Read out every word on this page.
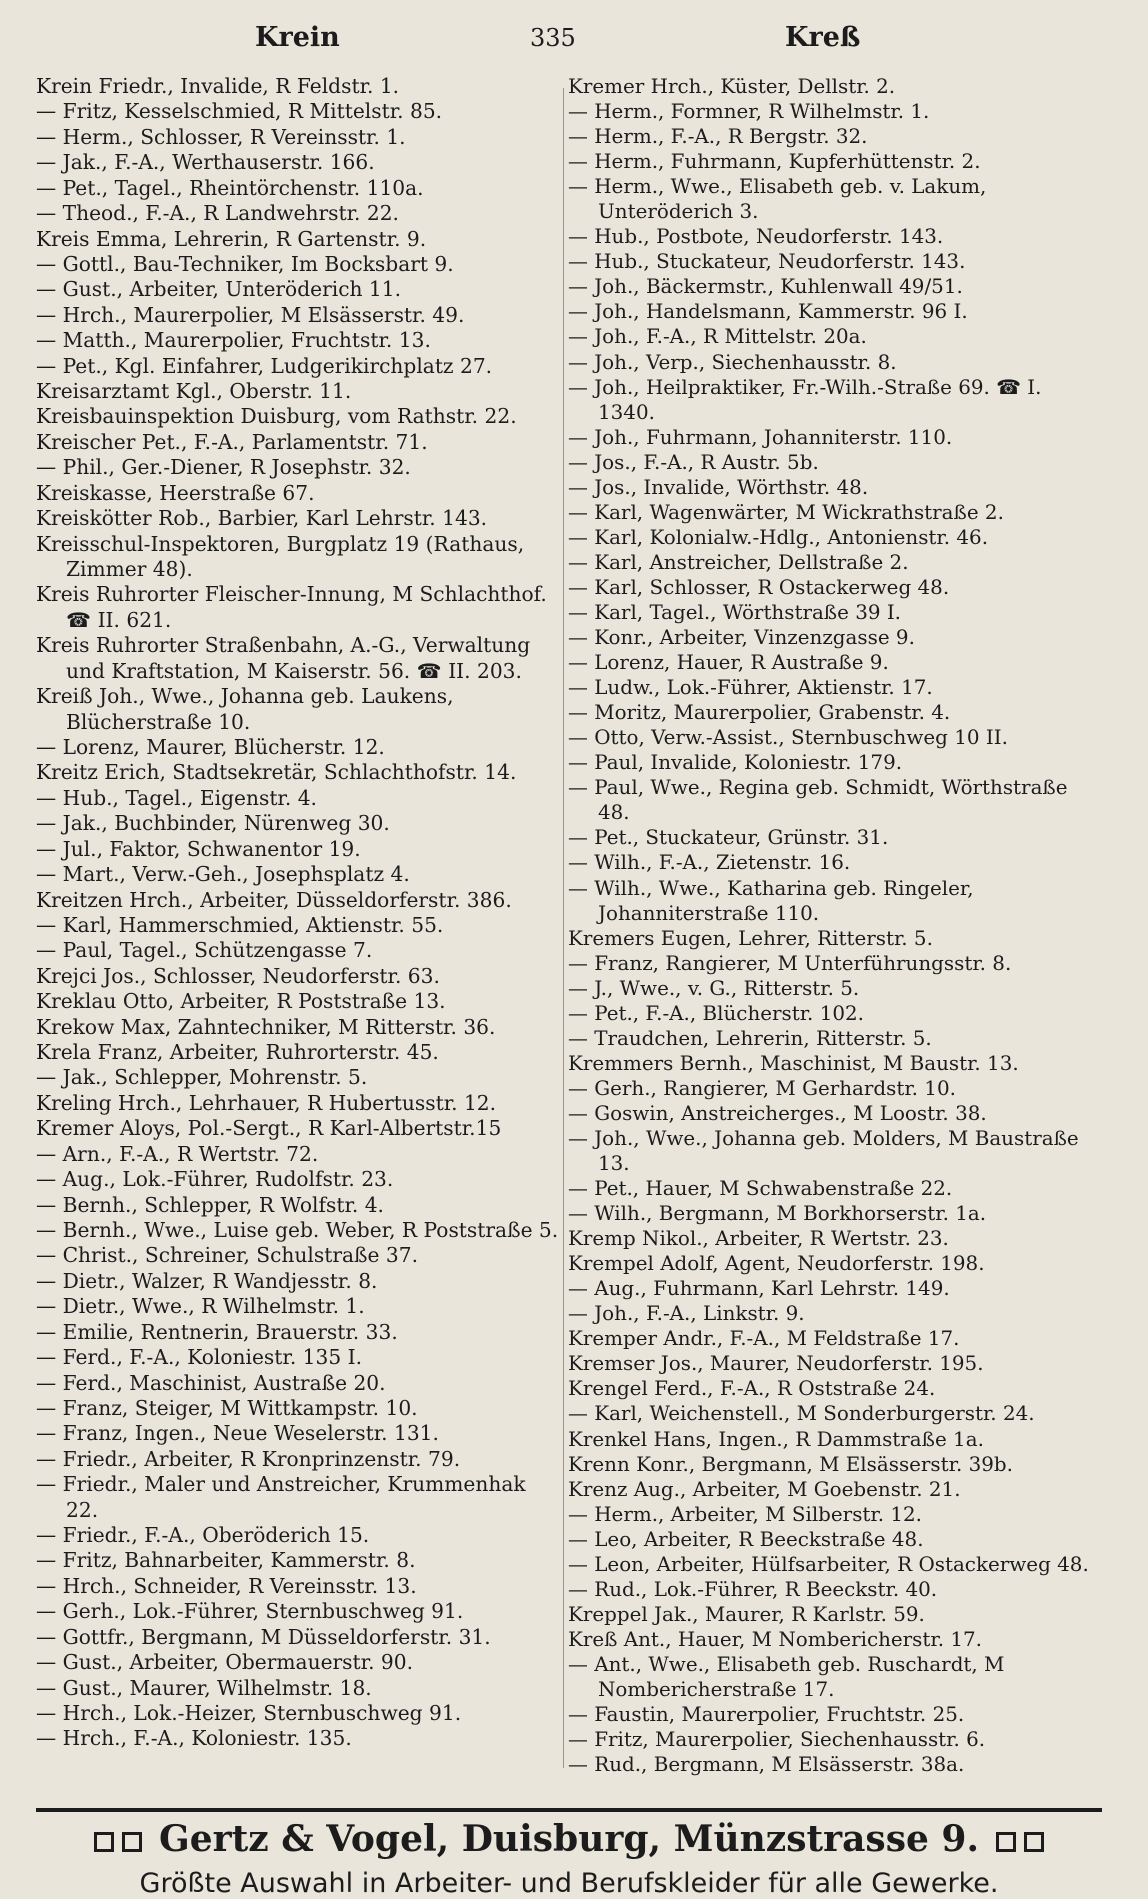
Krein	335	Kreß
Krein Friedr., Invalide, R Feldstr. 1.
— Fritz, Kesselschmied, R Mittelstr. 85.
— Herm., Schlosser, R Vereinsstr. 1.
— Jak., F.-A., Werthauserstr. 166.
— Pet., Tagel., Rheintörchenstr. 110a.
— Theod., F.-A., R Landwehrstr. 22.
Kreis Emma, Lehrerin, R Gartenstr. 9.
— Gottl., Bau-Techniker, Im Bocksbart 9.
— Gust., Arbeiter, Unteröderich 11.
— Hrch., Maurerpolier, M Elsässerstr. 49.
— Matth., Maurerpolier, Fruchtstr. 13.
— Pet., Kgl. Einfahrer, Ludgerikirchplatz 27.
Kreisarztamt Kgl., Oberstr. 11.
Kreisbauinspektion Duisburg, vom Rathstr. 22.
Kreischer Pet., F.-A., Parlamentstr. 71.
— Phil., Ger.-Diener, R Josephstr. 32.
Kreiskasse, Heerstraße 67.
Kreiskötter Rob., Barbier, Karl Lehrstr. 143.
Kreisschul-Inspektoren, Burgplatz 19 (Rathaus, Zimmer 48).
Kreis Ruhrorter Fleischer-Innung, M Schlachthof. ☎ II. 621.
Kreis Ruhrorter Straßenbahn, A.-G., Verwaltung und Kraftstation, M Kaiserstr. 56. ☎ II. 203.
Kreiß Joh., Wwe., Johanna geb. Laukens, Blücherstraße 10.
— Lorenz, Maurer, Blücherstr. 12.
Kreitz Erich, Stadtsekretär, Schlachthofstr. 14.
— Hub., Tagel., Eigenstr. 4.
— Jak., Buchbinder, Nürenweg 30.
— Jul., Faktor, Schwanentor 19.
— Mart., Verw.-Geh., Josephsplatz 4.
Kreitzen Hrch., Arbeiter, Düsseldorferstr. 386.
— Karl, Hammerschmied, Aktienstr. 55.
— Paul, Tagel., Schützengasse 7.
Krejci Jos., Schlosser, Neudorferstr. 63.
Kreklau Otto, Arbeiter, R Poststraße 13.
Krekow Max, Zahntechniker, M Ritterstr. 36.
Krela Franz, Arbeiter, Ruhrorterstr. 45.
— Jak., Schlepper, Mohrenstr. 5.
Kreling Hrch., Lehrhauer, R Hubertusstr. 12.
Kremer Aloys, Pol.-Sergt., R Karl-Albertstr.15
— Arn., F.-A., R Wertstr. 72.
— Aug., Lok.-Führer, Rudolfstr. 23.
— Bernh., Schlepper, R Wolfstr. 4.
— Bernh., Wwe., Luise geb. Weber, R Poststraße 5.
— Christ., Schreiner, Schulstraße 37.
— Dietr., Walzer, R Wandjesstr. 8.
— Dietr., Wwe., R Wilhelmstr. 1.
— Emilie, Rentnerin, Brauerstr. 33.
— Ferd., F.-A., Koloniestr. 135 I.
— Ferd., Maschinist, Austraße 20.
— Franz, Steiger, M Wittkampstr. 10.
— Franz, Ingen., Neue Weselerstr. 131.
— Friedr., Arbeiter, R Kronprinzenstr. 79.
— Friedr., Maler und Anstreicher, Krummenhak 22.
— Friedr., F.-A., Oberöderich 15.
— Fritz, Bahnarbeiter, Kammerstr. 8.
— Hrch., Schneider, R Vereinsstr. 13.
— Gerh., Lok.-Führer, Sternbuschweg 91.
— Gottfr., Bergmann, M Düsseldorferstr. 31.
— Gust., Arbeiter, Obermauerstr. 90.
— Gust., Maurer, Wilhelmstr. 18.
— Hrch., Lok.-Heizer, Sternbuschweg 91.
— Hrch., F.-A., Koloniestr. 135.
Kremer Hrch., Küster, Dellstr. 2.
— Herm., Formner, R Wilhelmstr. 1.
— Herm., F.-A., R Bergstr. 32.
— Herm., Fuhrmann, Kupferhüttenstr. 2.
— Herm., Wwe., Elisabeth geb. v. Lakum, Unteröderich 3.
— Hub., Postbote, Neudorferstr. 143.
— Hub., Stuckateur, Neudorferstr. 143.
— Joh., Bäckermstr., Kuhlenwall 49/51.
— Joh., Handelsmann, Kammerstr. 96 I.
— Joh., F.-A., R Mittelstr. 20a.
— Joh., Verp., Siechenhausstr. 8.
— Joh., Heilpraktiker, Fr.-Wilh.-Straße 69. ☎ I. 1340.
— Joh., Fuhrmann, Johanniterstr. 110.
— Jos., F.-A., R Austr. 5b.
— Jos., Invalide, Wörthstr. 48.
— Karl, Wagenwärter, M Wickrathstraße 2.
— Karl, Kolonialw.-Hdlg., Antonienstr. 46.
— Karl, Anstreicher, Dellstraße 2.
— Karl, Schlosser, R Ostackerweg 48.
— Karl, Tagel., Wörthstraße 39 I.
— Konr., Arbeiter, Vinzenzgasse 9.
— Lorenz, Hauer, R Austraße 9.
— Ludw., Lok.-Führer, Aktienstr. 17.
— Moritz, Maurerpolier, Grabenstr. 4.
— Otto, Verw.-Assist., Sternbuschweg 10 II.
— Paul, Invalide, Koloniestr. 179.
— Paul, Wwe., Regina geb. Schmidt, Wörthstraße 48.
— Pet., Stuckateur, Grünstr. 31.
— Wilh., F.-A., Zietenstr. 16.
— Wilh., Wwe., Katharina geb. Ringeler, Johanniterstraße 110.
Kremers Eugen, Lehrer, Ritterstr. 5.
— Franz, Rangierer, M Unterführungsstr. 8.
— J., Wwe., v. G., Ritterstr. 5.
— Pet., F.-A., Blücherstr. 102.
— Traudchen, Lehrerin, Ritterstr. 5.
Kremmers Bernh., Maschinist, M Baustr. 13.
— Gerh., Rangierer, M Gerhardstr. 10.
— Goswin, Anstreicherges., M Loostr. 38.
— Joh., Wwe., Johanna geb. Molders, M Baustraße 13.
— Pet., Hauer, M Schwabenstraße 22.
— Wilh., Bergmann, M Borkhorserstr. 1a.
Kremp Nikol., Arbeiter, R Wertstr. 23.
Krempel Adolf, Agent, Neudorferstr. 198.
— Aug., Fuhrmann, Karl Lehrstr. 149.
— Joh., F.-A., Linkstr. 9.
Kremper Andr., F.-A., M Feldstraße 17.
Kremser Jos., Maurer, Neudorferstr. 195.
Krengel Ferd., F.-A., R Oststraße 24.
— Karl, Weichenstell., M Sonderburgerstr. 24.
Krenkel Hans, Ingen., R Dammstraße 1a.
Krenn Konr., Bergmann, M Elsässerstr. 39b.
Krenz Aug., Arbeiter, M Goebenstr. 21.
— Herm., Arbeiter, M Silberstr. 12.
— Leo, Arbeiter, R Beeckstraße 48.
— Leon, Arbeiter, Hülfsarbeiter, R Ostackerweg 48.
— Rud., Lok.-Führer, R Beeckstr. 40.
Kreppel Jak., Maurer, R Karlstr. 59.
Kreß Ant., Hauer, M Nombericherstr. 17.
— Ant., Wwe., Elisabeth geb. Ruschardt, M Nombericherstraße 17.
— Faustin, Maurerpolier, Fruchtstr. 25.
— Fritz, Maurerpolier, Siechenhausstr. 6.
— Rud., Bergmann, M Elsässerstr. 38a.
Gertz & Vogel, Duisburg, Münzstrasse 9.
Größte Auswahl in Arbeiter- und Berufskleider für alle Gewerke.
